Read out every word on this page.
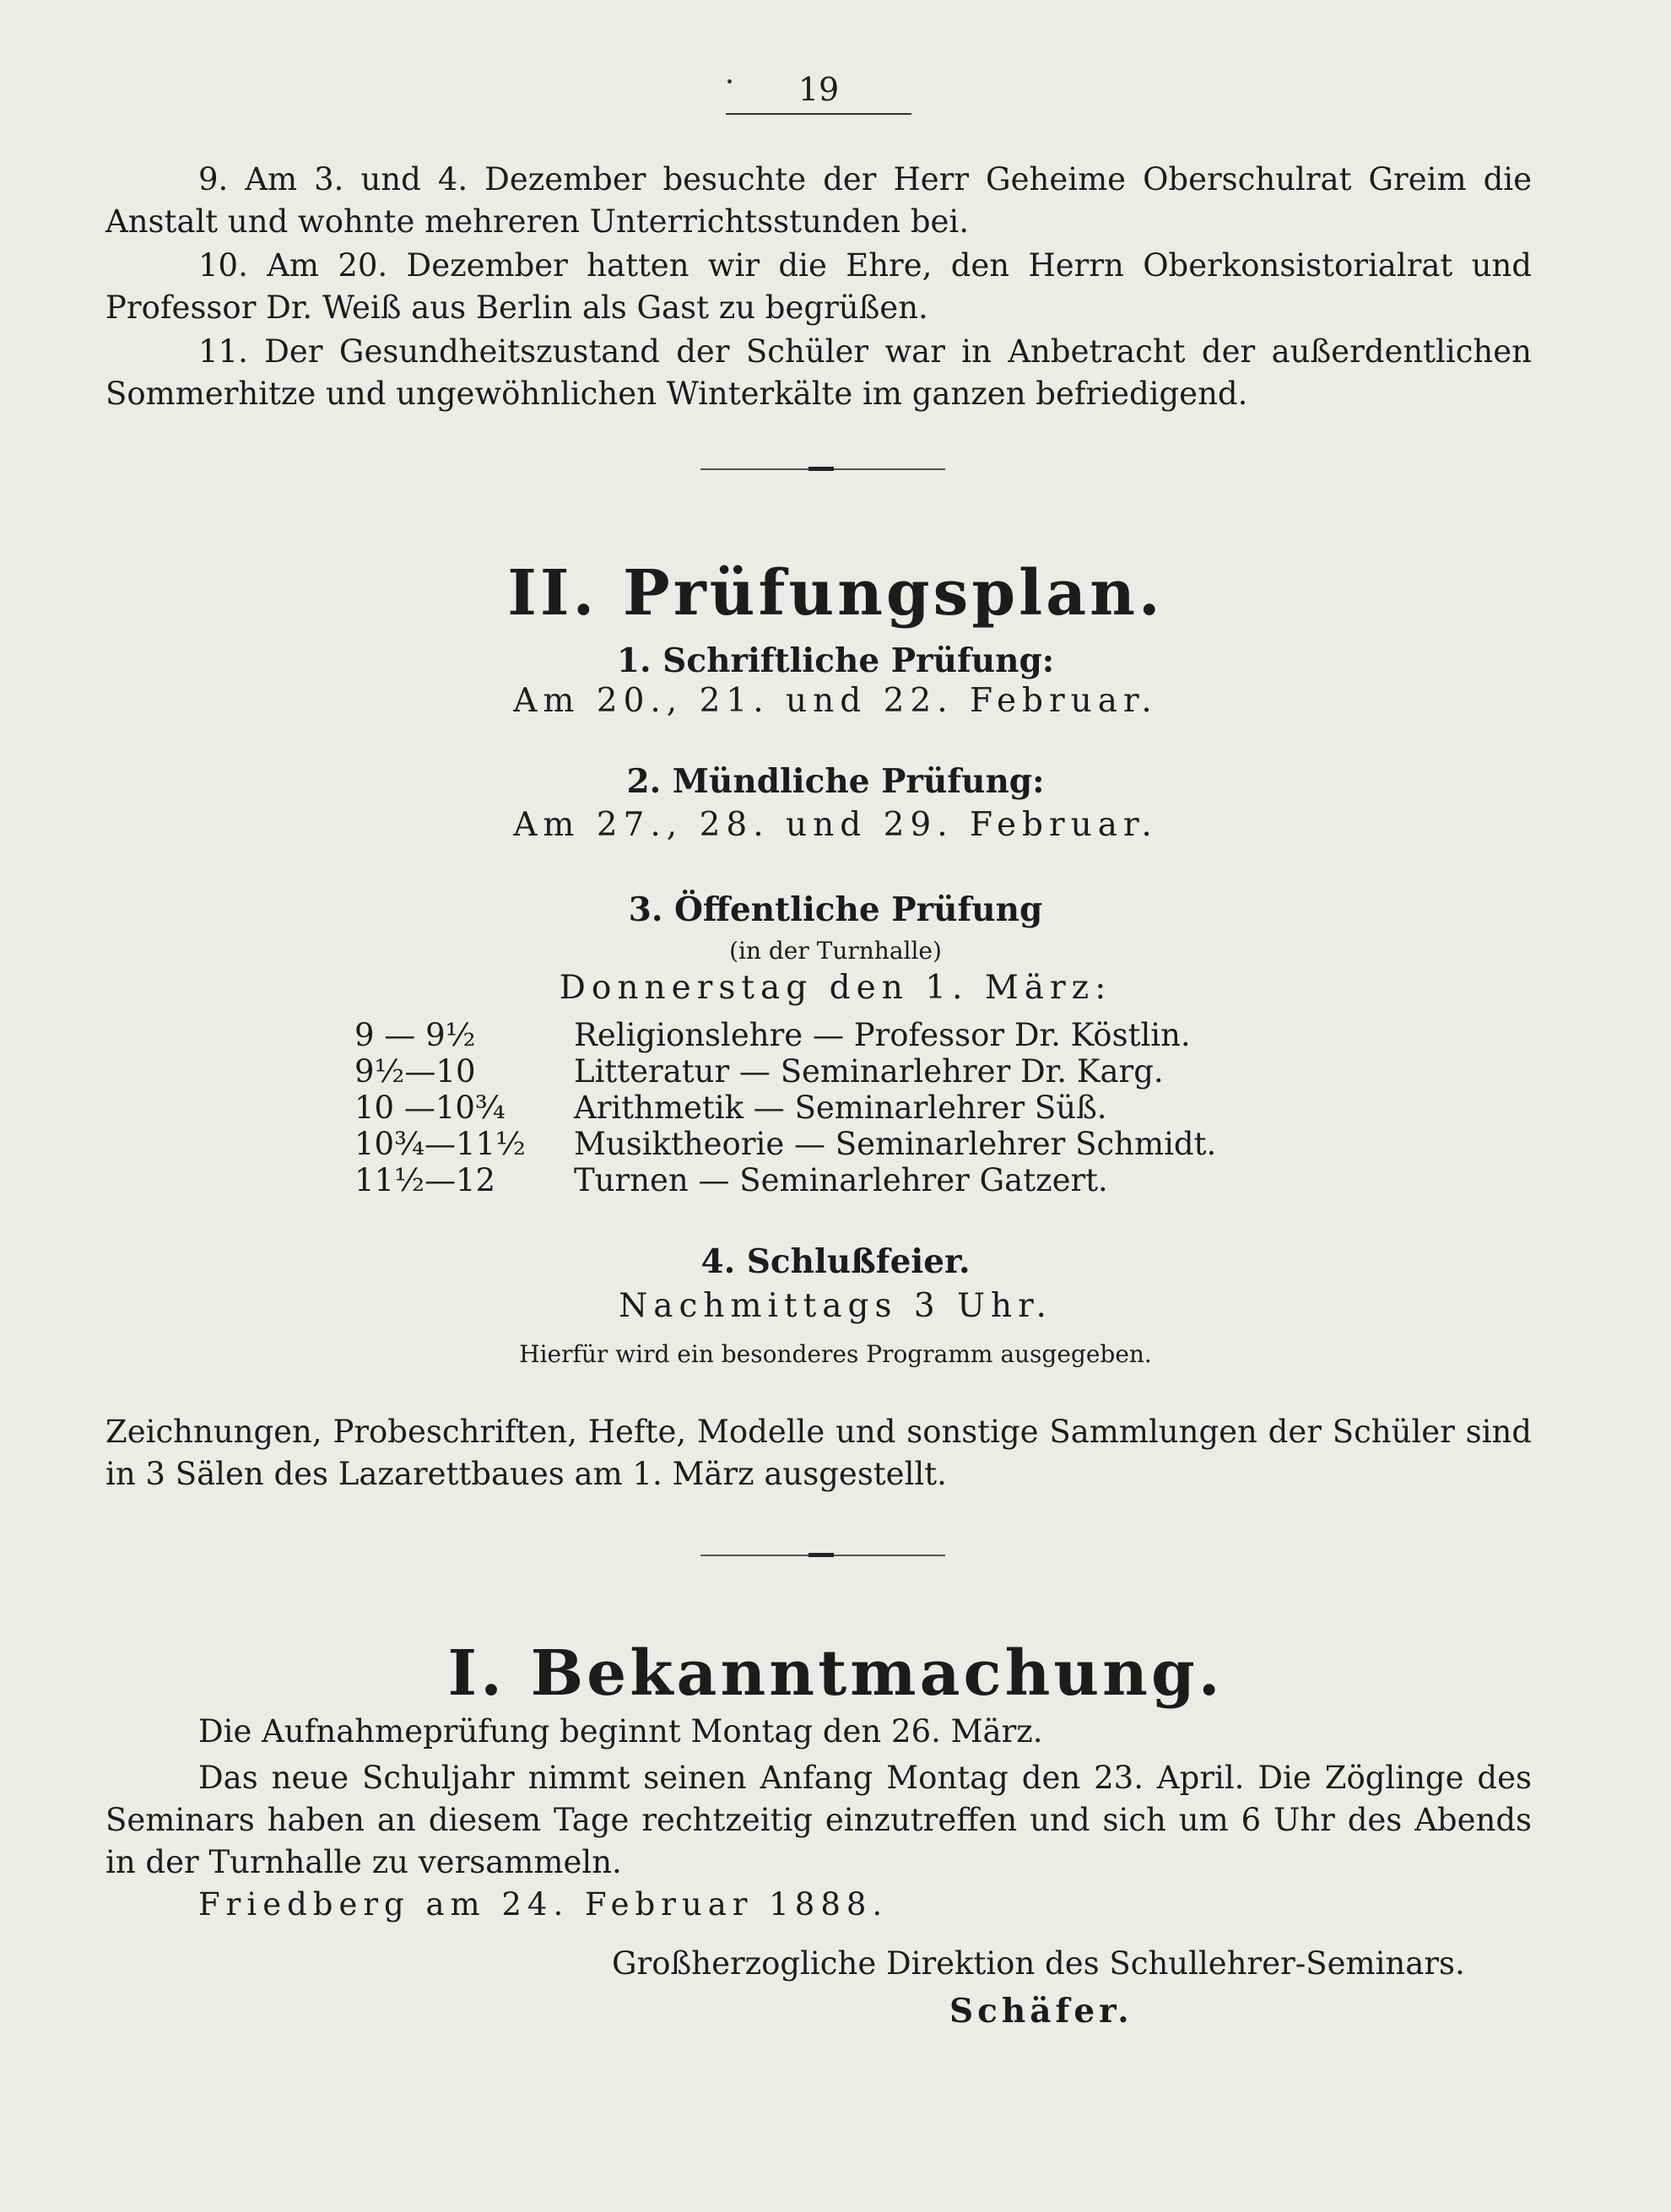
19

9. Am 3. und 4. Dezember besuchte der Herr Geheime Oberschulrat Greim die Anstalt und wohnte mehreren Unterrichtsstunden bei.

10. Am 20. Dezember hatten wir die Ehre, den Herrn Oberkonsistorialrat und Professor Dr. Weiß aus Berlin als Gast zu begrüßen.

11. Der Gesundheitszustand der Schüler war in Anbetracht der außerdentlichen Sommerhitze und ungewöhnlichen Winterkälte im ganzen befriedigend.

II. Prüfungsplan.
1. Schriftliche Prüfung:
Am 20., 21. und 22. Februar.
2. Mündliche Prüfung:
Am 27., 28. und 29. Februar.
3. Öffentliche Prüfung
(in der Turnhalle)
Donnerstag den 1. März:
9 — 9½	Religionslehre — Professor Dr. Köstlin.
9½—10	Litteratur — Seminarlehrer Dr. Karg.
10 —10¾	Arithmetik — Seminarlehrer Süß.
10¾—11½	Musiktheorie — Seminarlehrer Schmidt.
11½—12	Turnen — Seminarlehrer Gatzert.
4. Schlußfeier.
Nachmittags 3 Uhr.
Hierfür wird ein besonderes Programm ausgegeben.

Zeichnungen, Probeschriften, Hefte, Modelle und sonstige Sammlungen der Schüler sind in 3 Sälen des Lazarettbaues am 1. März ausgestellt.

I. Bekanntmachung.
Die Aufnahmeprüfung beginnt Montag den 26. März.

Das neue Schuljahr nimmt seinen Anfang Montag den 23. April. Die Zöglinge des Seminars haben an diesem Tage rechtzeitig einzutreffen und sich um 6 Uhr des Abends in der Turnhalle zu versammeln.

Friedberg am 24. Februar 1888.
Großherzogliche Direktion des Schullehrer-Seminars.
Schäfer.
